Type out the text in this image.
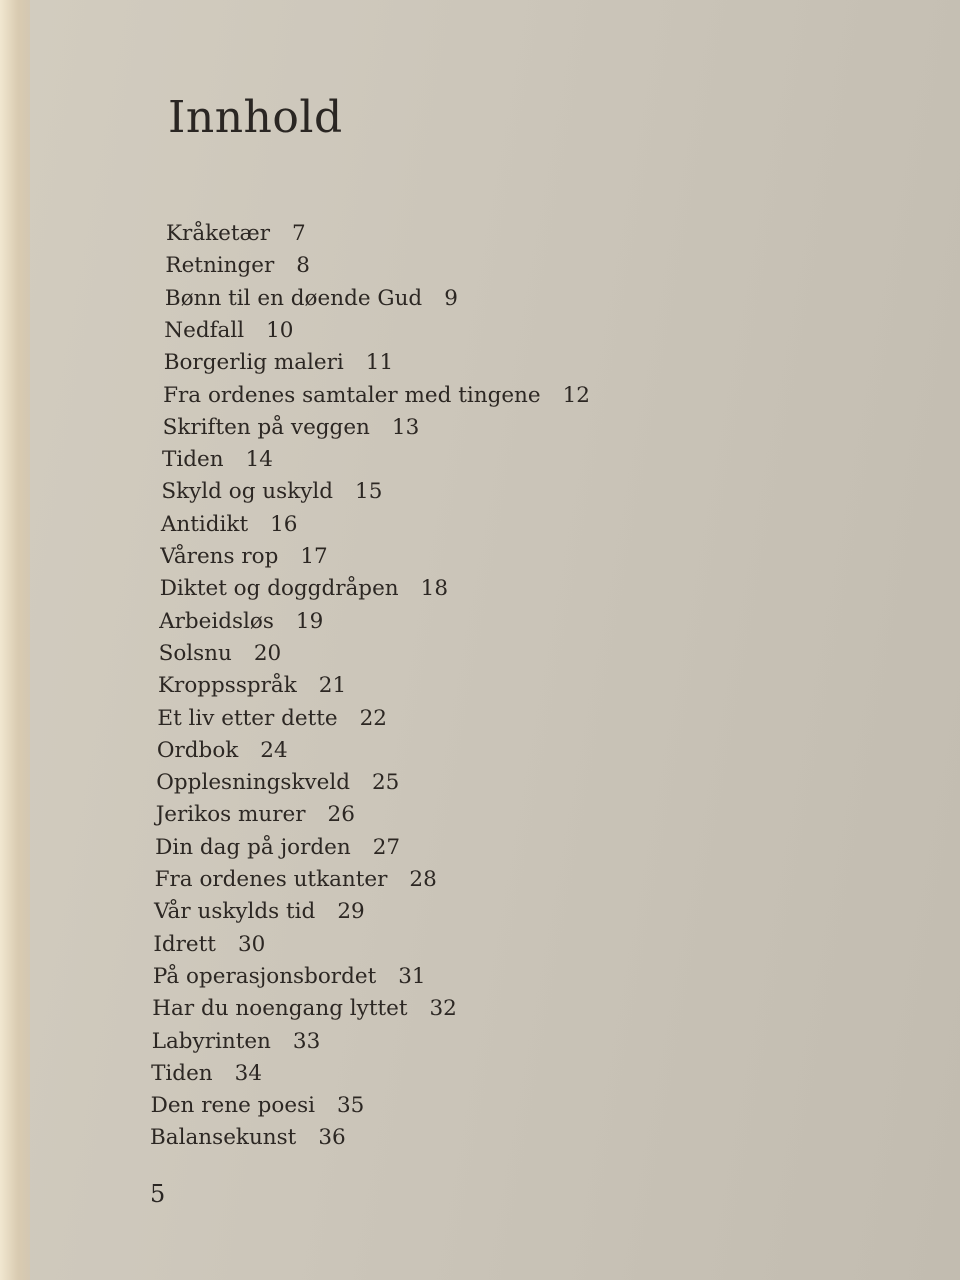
Innhold
Kråketær 7
Retninger 8
Bønn til en døende Gud 9
Nedfall 10
Borgerlig maleri 11
Fra ordenes samtaler med tingene 12
Skriften på veggen 13
Tiden 14
Skyld og uskyld 15
Antidikt 16
Vårens rop 17
Diktet og doggdråpen 18
Arbeidsløs 19
Solsnu 20
Kroppsspråk 21
Et liv etter dette 22
Ordbok 24
Opplesningskveld 25
Jerikos murer 26
Din dag på jorden 27
Fra ordenes utkanter 28
Vår uskylds tid 29
Idrett 30
På operasjonsbordet 31
Har du noengang lyttet 32
Labyrinten 33
Tiden 34
Den rene poesi 35
Balansekunst 36
5
